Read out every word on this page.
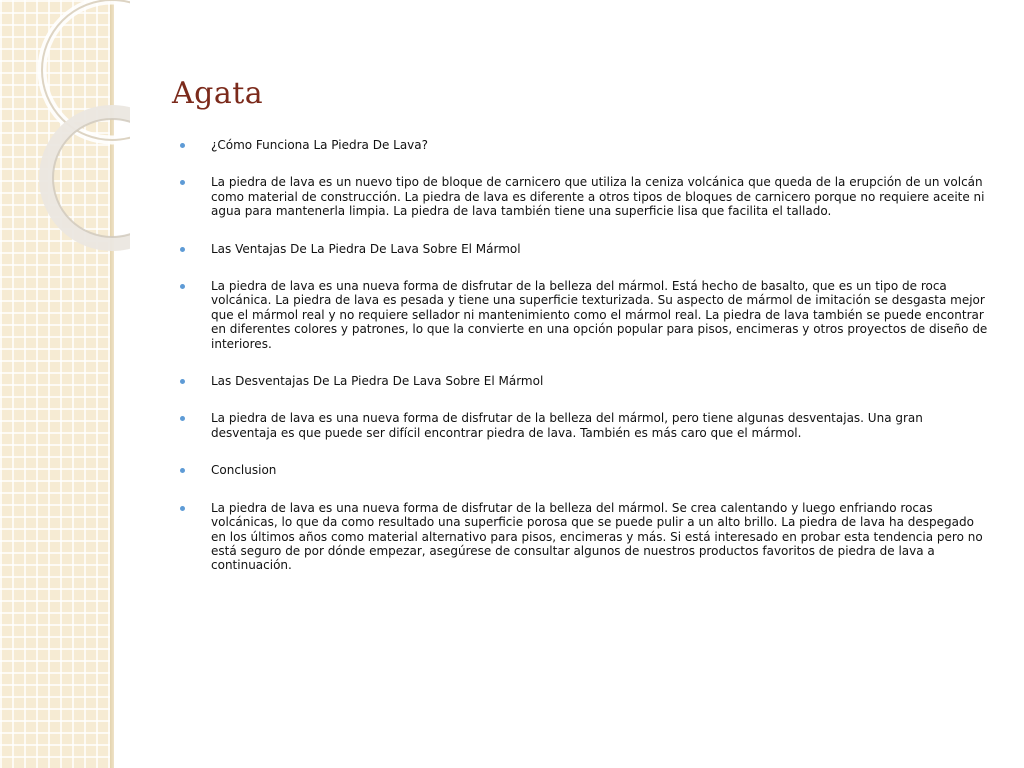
Agata
¿Cómo Funciona La Piedra De Lava?
La piedra de lava es un nuevo tipo de bloque de carnicero que utiliza la ceniza volcánica que queda de la erupción de un volcán como material de construcción. La piedra de lava es diferente a otros tipos de bloques de carnicero porque no requiere aceite ni agua para mantenerla limpia. La piedra de lava también tiene una superficie lisa que facilita el tallado.
Las Ventajas De La Piedra De Lava Sobre El Mármol
La piedra de lava es una nueva forma de disfrutar de la belleza del mármol. Está hecho de basalto, que es un tipo de roca volcánica. La piedra de lava es pesada y tiene una superficie texturizada. Su aspecto de mármol de imitación se desgasta mejor que el mármol real y no requiere sellador ni mantenimiento como el mármol real. La piedra de lava también se puede encontrar en diferentes colores y patrones, lo que la convierte en una opción popular para pisos, encimeras y otros proyectos de diseño de interiores.
Las Desventajas De La Piedra De Lava Sobre El Mármol
La piedra de lava es una nueva forma de disfrutar de la belleza del mármol, pero tiene algunas desventajas. Una gran desventaja es que puede ser difícil encontrar piedra de lava. También es más caro que el mármol.
Conclusion
La piedra de lava es una nueva forma de disfrutar de la belleza del mármol. Se crea calentando y luego enfriando rocas volcánicas, lo que da como resultado una superficie porosa que se puede pulir a un alto brillo. La piedra de lava ha despegado en los últimos años como material alternativo para pisos, encimeras y más. Si está interesado en probar esta tendencia pero no está seguro de por dónde empezar, asegúrese de consultar algunos de nuestros productos favoritos de piedra de lava a continuación.
